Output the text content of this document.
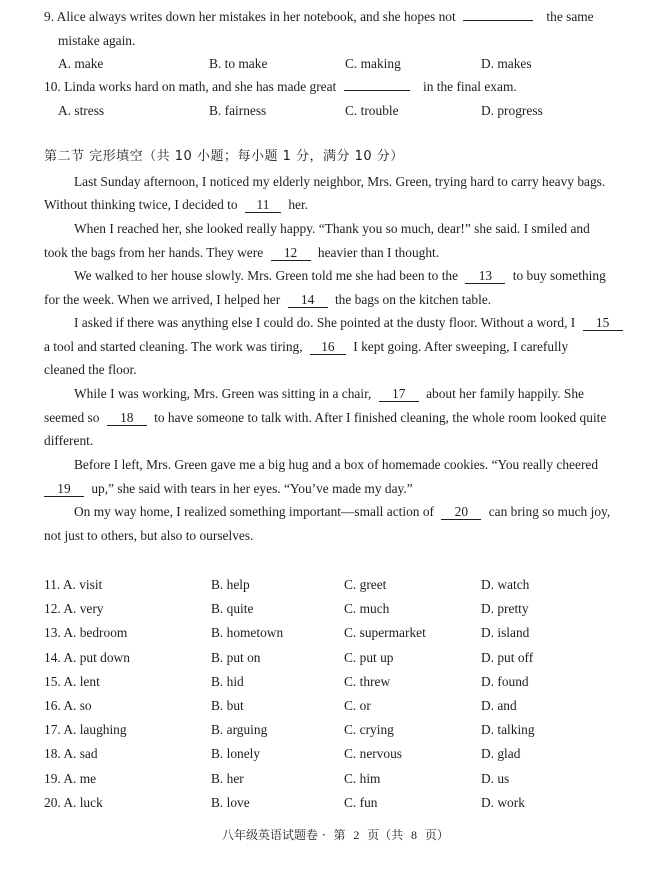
9. Alice always writes down her mistakes in her notebook, and she hopes not	the same
mistake again.
A. make	B. to make	C. making	D. makes
10. Linda works hard on math, and she has made great	in the final exam.
A. stress	B. fairness	C. trouble	D. progress
第二节 完形填空（共 10 小题；每小题 1 分，满分 10 分）
Last Sunday afternoon, I noticed my elderly neighbor, Mrs. Green, trying hard to carry heavy bags.
Without thinking twice, I decided to 11 her.
When I reached her, she looked really happy. “Thank you so much, dear!” she said. I smiled and
took the bags from her hands. They were 12 heavier than I thought.
We walked to her house slowly. Mrs. Green told me she had been to the 13 to buy something
for the week. When we arrived, I helped her 14 the bags on the kitchen table.
I asked if there was anything else I could do. She pointed at the dusty floor. Without a word, I 15
a tool and started cleaning. The work was tiring, 16 I kept going. After sweeping, I carefully
cleaned the floor.
While I was working, Mrs. Green was sitting in a chair, 17 about her family happily. She
seemed so 18 to have someone to talk with. After I finished cleaning, the whole room looked quite
different.
Before I left, Mrs. Green gave me a big hug and a box of homemade cookies. “You really cheered
19 up,” she said with tears in her eyes. “You’ve made my day.”
On my way home, I realized something important—small action of 20 can bring so much joy,
not just to others, but also to ourselves.
11. A. visit	B. help	C. greet	D. watch
12. A. very	B. quite	C. much	D. pretty
13. A. bedroom	B. hometown	C. supermarket	D. island
14. A. put down	B. put on	C. put up	D. put off
15. A. lent	B. hid	C. threw	D. found
16. A. so	B. but	C. or	D. and
17. A. laughing	B. arguing	C. crying	D. talking
18. A. sad	B. lonely	C. nervous	D. glad
19. A. me	B. her	C. him	D. us
20. A. luck	B. love	C. fun	D. work
八年级英语试题卷 · 第 2 页（共 8 页）
